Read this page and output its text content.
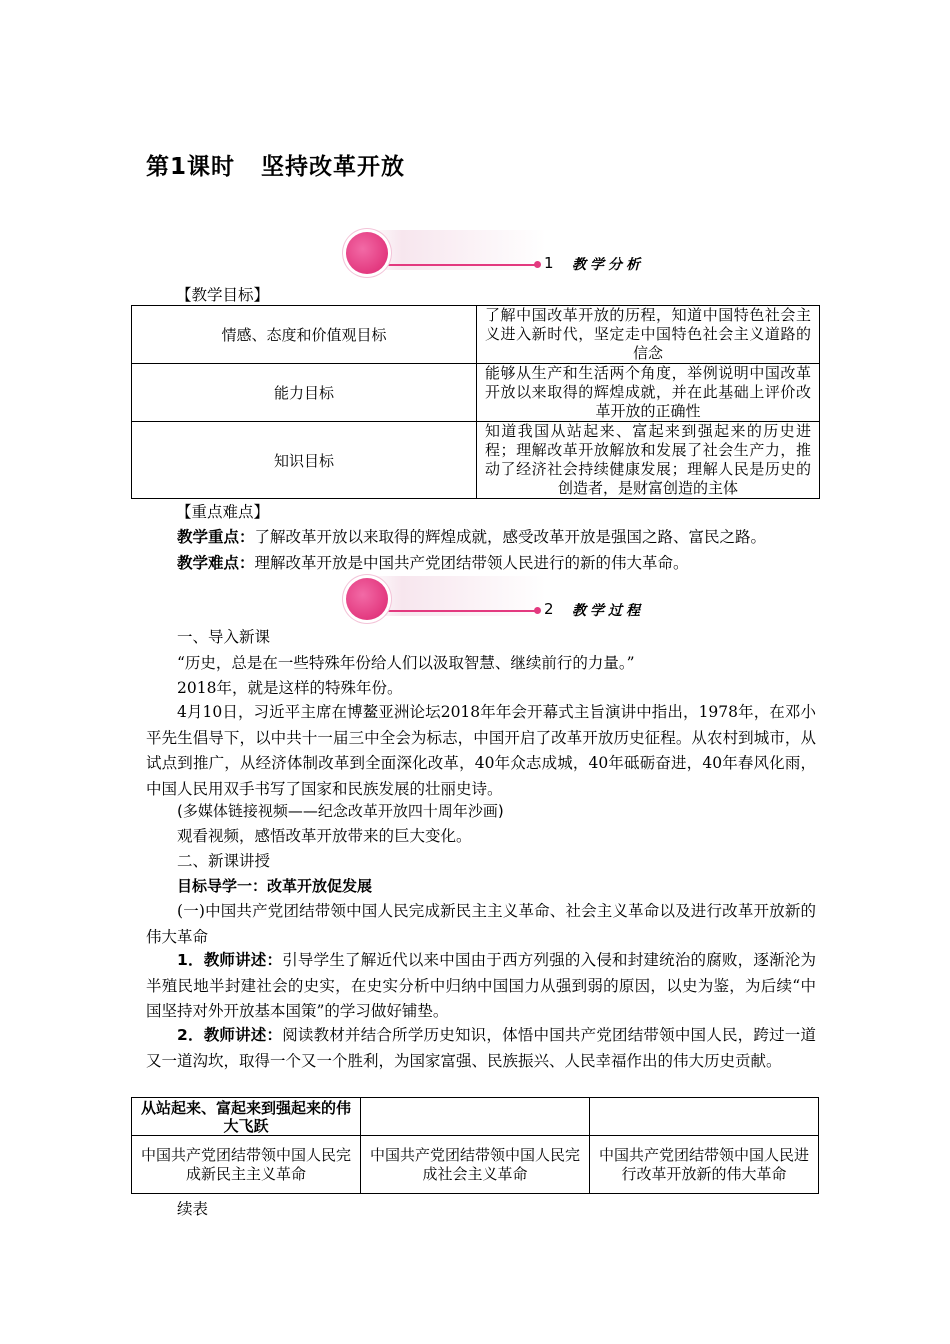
第1课时 坚持改革开放
1 教学分析
【教学目标】
情感、态度和价值观目标	了解中国改革开放的历程，知道中国特色社会主义进入新时代，坚定走中国特色社会主义道路的信念
能力目标	能够从生产和生活两个角度，举例说明中国改革开放以来取得的辉煌成就，并在此基础上评价改革开放的正确性
知识目标	知道我国从站起来、富起来到强起来的历史进程；理解改革开放解放和发展了社会生产力，推动了经济社会持续健康发展；理解人民是历史的创造者，是财富创造的主体
【重点难点】
教学重点：了解改革开放以来取得的辉煌成就，感受改革开放是强国之路、富民之路。
教学难点：理解改革开放是中国共产党团结带领人民进行的新的伟大革命。
2 教学过程
一、导入新课
“历史，总是在一些特殊年份给人们以汲取智慧、继续前行的力量。”
2018年，就是这样的特殊年份。
4月10日，习近平主席在博鳌亚洲论坛2018年年会开幕式主旨演讲中指出，1978年，在邓小平先生倡导下，以中共十一届三中全会为标志，中国开启了改革开放历史征程。从农村到城市，从试点到推广，从经济体制改革到全面深化改革，40年众志成城，40年砥砺奋进，40年春风化雨，中国人民用双手书写了国家和民族发展的壮丽史诗。
(多媒体链接视频——纪念改革开放四十周年沙画)
观看视频，感悟改革开放带来的巨大变化。
二、新课讲授
目标导学一：改革开放促发展
(一)中国共产党团结带领中国人民完成新民主主义革命、社会主义革命以及进行改革开放新的伟大革命
1．教师讲述：引导学生了解近代以来中国由于西方列强的入侵和封建统治的腐败，逐渐沦为半殖民地半封建社会的史实，在史实分析中归纳中国国力从强到弱的原因，以史为鉴，为后续“中国坚持对外开放基本国策”的学习做好铺垫。
2．教师讲述：阅读教材并结合所学历史知识，体悟中国共产党团结带领中国人民，跨过一道又一道沟坎，取得一个又一个胜利，为国家富强、民族振兴、人民幸福作出的伟大历史贡献。
从站起来、富起来到强起来的伟大飞跃		
中国共产党团结带领中国人民完成新民主主义革命	中国共产党团结带领中国人民完成社会主义革命	中国共产党团结带领中国人民进行改革开放新的伟大革命
续表
